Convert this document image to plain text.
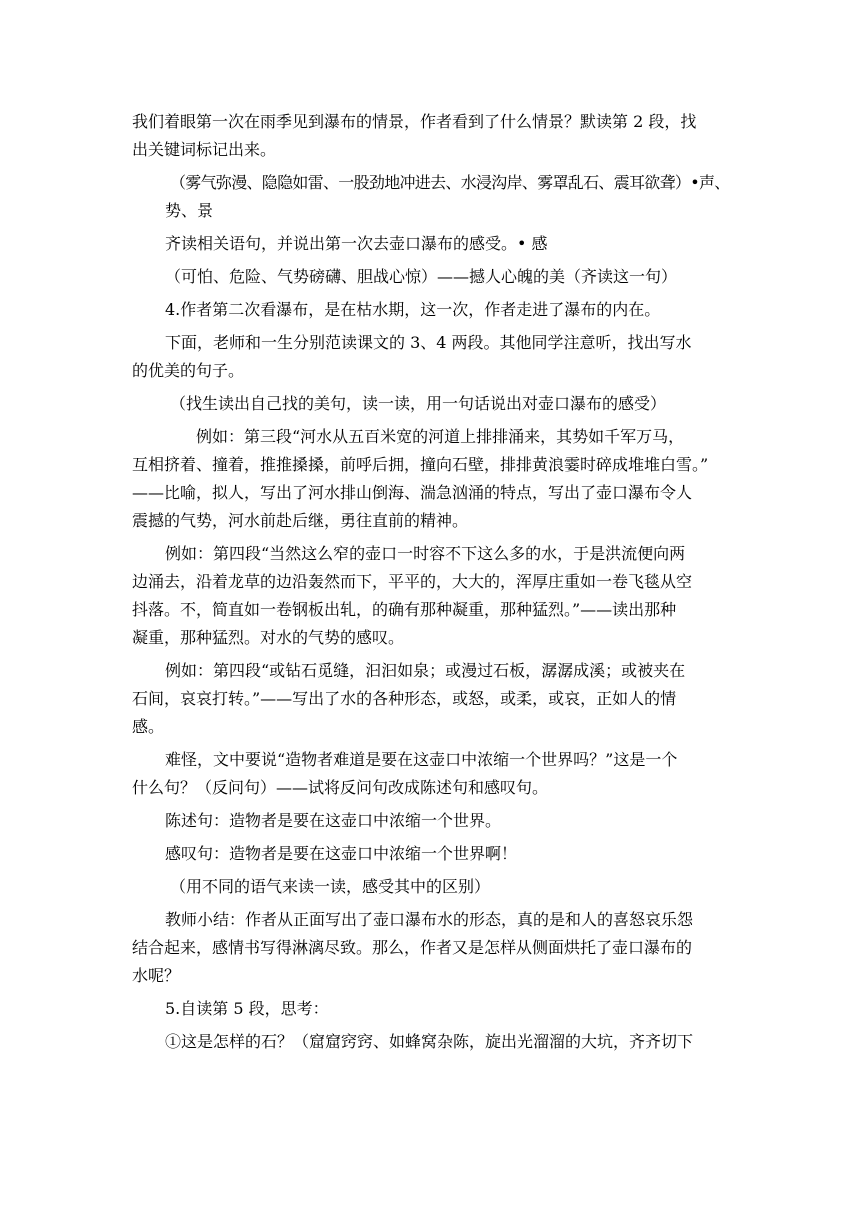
我们着眼第一次在雨季见到瀑布的情景，作者看到了什么情景？默读第 2 段，找
出关键词标记出来。

（雾气弥漫、隐隐如雷、一股劲地冲进去、水浸沟岸、雾罩乱石、震耳欲聋）•声、
势、景

齐读相关语句，并说出第一次去壶口瀑布的感受。• 感

（可怕、危险、气势磅礴、胆战心惊）——撼人心魄的美（齐读这一句）

4.作者第二次看瀑布，是在枯水期，这一次，作者走进了瀑布的内在。

下面，老师和一生分别范读课文的 3、4 两段。其他同学注意听，找出写水
的优美的句子。

（找生读出自己找的美句，读一读，用一句话说出对壶口瀑布的感受）

例如：第三段“河水从五百米宽的河道上排排涌来，其势如千军万马，
互相挤着、撞着，推推搡搡，前呼后拥，撞向石壁，排排黄浪霎时碎成堆堆白雪。”
——比喻，拟人，写出了河水排山倒海、湍急汹涌的特点，写出了壶口瀑布令人
震撼的气势，河水前赴后继，勇往直前的精神。

例如：第四段“当然这么窄的壶口一时容不下这么多的水，于是洪流便向两
边涌去，沿着龙草的边沿轰然而下，平平的，大大的，浑厚庄重如一卷飞毯从空
抖落。不，简直如一卷钢板出轧，的确有那种凝重，那种猛烈。”——读出那种
凝重，那种猛烈。对水的气势的感叹。

例如：第四段“或钻石觅缝，汩汩如泉；或漫过石板，潺潺成溪；或被夹在
石间，哀哀打转。”——写出了水的各种形态，或怒，或柔，或哀，正如人的情
感。

难怪，文中要说“造物者难道是要在这壶口中浓缩一个世界吗？”这是一个
什么句？（反问句）——试将反问句改成陈述句和感叹句。

陈述句：造物者是要在这壶口中浓缩一个世界。

感叹句：造物者是要在这壶口中浓缩一个世界啊！

（用不同的语气来读一读，感受其中的区别）

教师小结：作者从正面写出了壶口瀑布水的形态，真的是和人的喜怒哀乐怨
结合起来，感情书写得淋漓尽致。那么，作者又是怎样从侧面烘托了壶口瀑布的
水呢？

5.自读第 5 段，思考：

①这是怎样的石？（窟窟窍窍、如蜂窝杂陈，旋出光溜溜的大坑，齐齐切下
